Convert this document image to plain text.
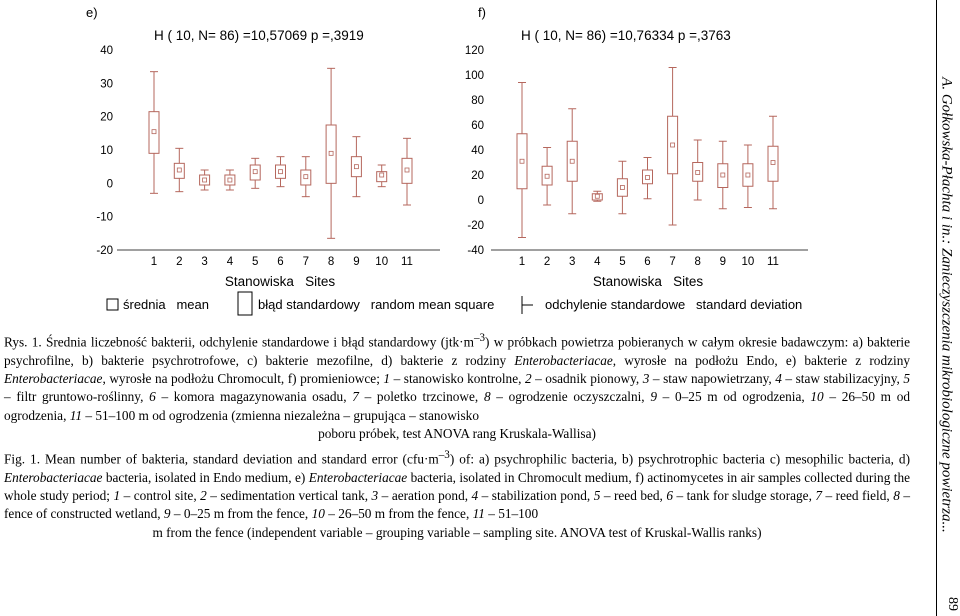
e)
H ( 10, N= 86) =10,57069 p =,3919
40
30
20
10
0
-10
-20
1 2 3 4 5 6 7 8 9 10 11
Stanowiska   Sites
f)
H ( 10, N= 86) =10,76334 p =,3763
120
100
80
60
40
20
0
-20
-40
1 2 3 4 5 6 7 8 9 10 11
Stanowiska   Sites
średnia   mean	błąd standardowy   random mean square	odchylenie standardowe   standard deviation
Rys. 1. Średnia liczebność bakterii, odchylenie standardowe i błąd standardowy $(jtk\cdot m^{-3})$ w próbkach powietrza pobieranych w całym okresie badawczym: a) bakterie psychrofilne, b) bakterie psychrotrofowe, c) bakterie mezofilne, d) bakterie z rodziny Enterobacteriacae, wyrosłe na podłożu Endo, e) bakterie z rodziny Enterobacteriacae, wyrosłe na podłożu Chromocult, f) promieniowce; 1 – stanowisko kontrolne, 2 – osadnik pionowy, 3 – staw napowietrzany, 4 – staw stabilizacyjny, 5 – filtr gruntowo-roślinny, 6 – komora magazynowania osadu, 7 – poletko trzcinowe, 8 – ogrodzenie oczyszczalni, 9 – 0–25 m od ogrodzenia, 10 – 26–50 m od ogrodzenia, 11 – 51–100 m od ogrodzenia (zmienna niezależna – grupująca – stanowisko
poboru próbek, test ANOVA rang Kruskala-Wallisa)
Fig. 1. Mean number of bakteria, standard deviation and standard error $(cfu\cdot m^{-3})$ of: a) psychrophilic bacteria, b) psychrotrophic bacteria c) mesophilic bacteria, d) Enterobacteriacae bacteria, isolated in Endo medium, e) Enterobacteriacae bacteria, isolated in Chromocult medium, f) actinomycetes in air samples collected during the whole study period; 1 – control site, 2 – sedimentation vertical tank, 3 – aeration pond, 4 – stabilization pond, 5 – reed bed, 6 – tank for sludge storage, 7 – reed field, 8 – fence of constructed wetland, 9 – 0–25 m from the fence, 10 – 26–50 m from the fence, 11 – 51–100
m from the fence (independent variable – grouping variable – sampling site. ANOVA test of Kruskal-Wallis ranks)	A. Gołkowska-Płachta i in.: Zanieczyszczenia mikrobiologiczne powietrza...
89
